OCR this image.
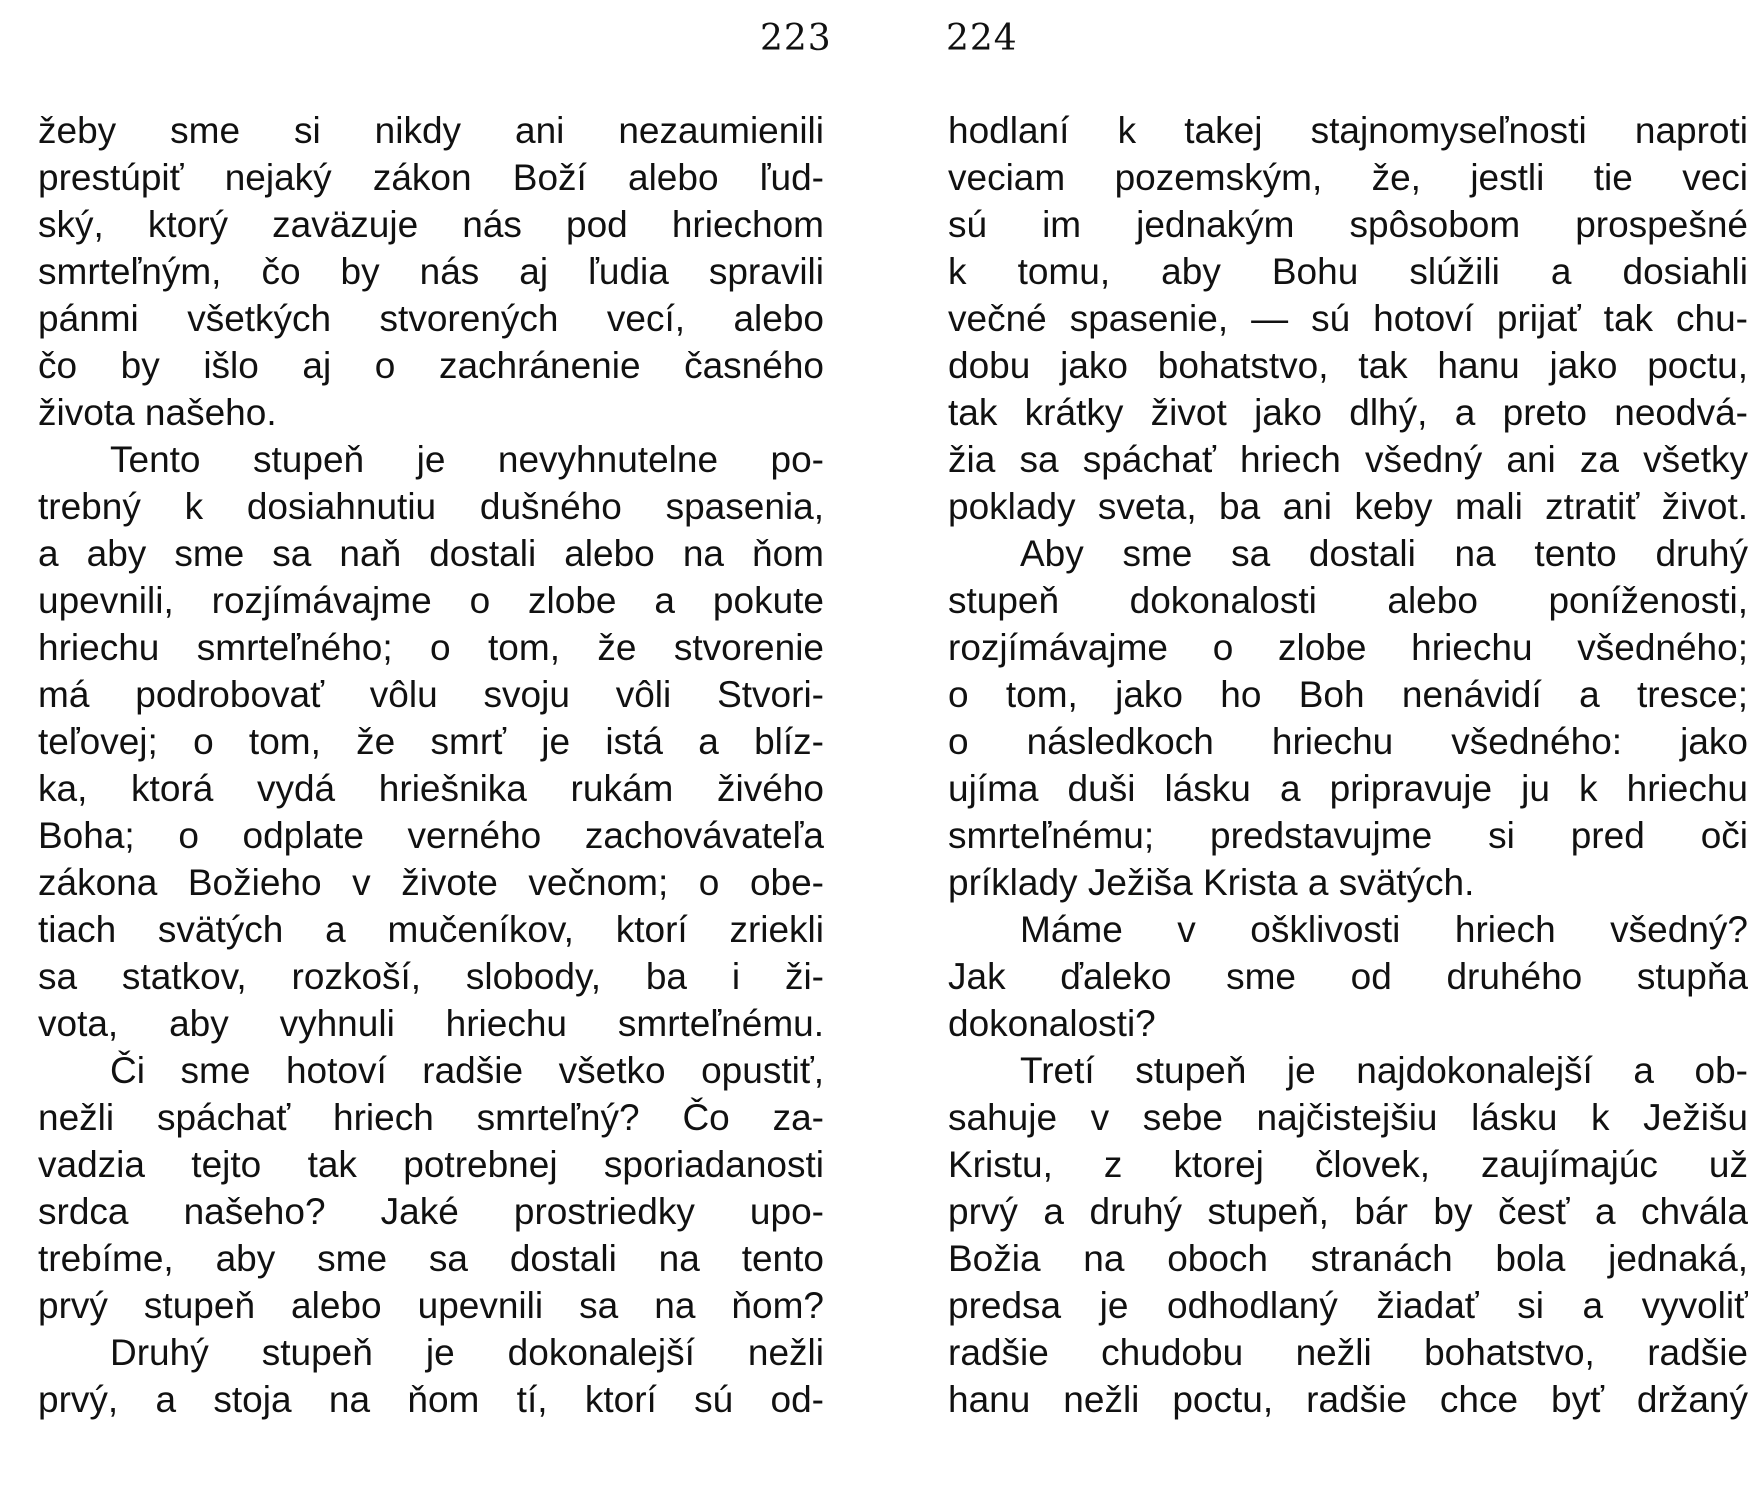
223
žeby sme si nikdy ani nezaumienili
prestúpiť nejaký zákon Boží alebo ľud-
ský, ktorý zaväzuje nás pod hriechom
smrteľným, čo by nás aj ľudia spravili
pánmi všetkých stvorených vecí, alebo
čo by išlo aj o zachránenie časného
života našeho.
Tento stupeň je nevyhnutelne po-
trebný k dosiahnutiu dušného spasenia,
a aby sme sa naň dostali alebo na ňom
upevnili, rozjímávajme o zlobe a pokute
hriechu smrteľného; o tom, že stvorenie
má podrobovať vôlu svoju vôli Stvori-
teľovej; o tom, že smrť je istá a blíz-
ka, ktorá vydá hriešnika rukám živého
Boha; o odplate verného zachovávateľa
zákona Božieho v živote večnom; o obe-
tiach svätých a mučeníkov, ktorí zriekli
sa statkov, rozkoší, slobody, ba i ži-
vota, aby vyhnuli hriechu smrteľnému.
Či sme hotoví radšie všetko opustiť,
nežli spáchať hriech smrteľný? Čo za-
vadzia tejto tak potrebnej sporiadanosti
srdca našeho? Jaké prostriedky upo-
trebíme, aby sme sa dostali na tento
prvý stupeň alebo upevnili sa na ňom?
Druhý stupeň je dokonalejší nežli
prvý, a stoja na ňom tí, ktorí sú od-
224
hodlaní k takej stajnomyseľnosti naproti
veciam pozemským, že, jestli tie veci
sú im jednakým spôsobom prospešné
k tomu, aby Bohu slúžili a dosiahli
večné spasenie, — sú hotoví prijať tak chu-
dobu jako bohatstvo, tak hanu jako poctu,
tak krátky život jako dlhý, a preto neodvá-
žia sa spáchať hriech všedný ani za všetky
poklady sveta, ba ani keby mali ztratiť život.
Aby sme sa dostali na tento druhý
stupeň dokonalosti alebo poníženosti,
rozjímávajme o zlobe hriechu všedného;
o tom, jako ho Boh nenávidí a tresce;
o následkoch hriechu všedného: jako
ujíma duši lásku a pripravuje ju k hriechu
smrteľnému; predstavujme si pred oči
príklady Ježiša Krista a svätých.
Máme v ošklivosti hriech všedný?
Jak ďaleko sme od druhého stupňa
dokonalosti?
Tretí stupeň je najdokonalejší a ob-
sahuje v sebe najčistejšiu lásku k Ježišu
Kristu, z ktorej človek, zaujímajúc už
prvý a druhý stupeň, bár by česť a chvála
Božia na oboch stranách bola jednaká,
predsa je odhodlaný žiadať si a vyvoliť
radšie chudobu nežli bohatstvo, radšie
hanu nežli poctu, radšie chce byť držaný
